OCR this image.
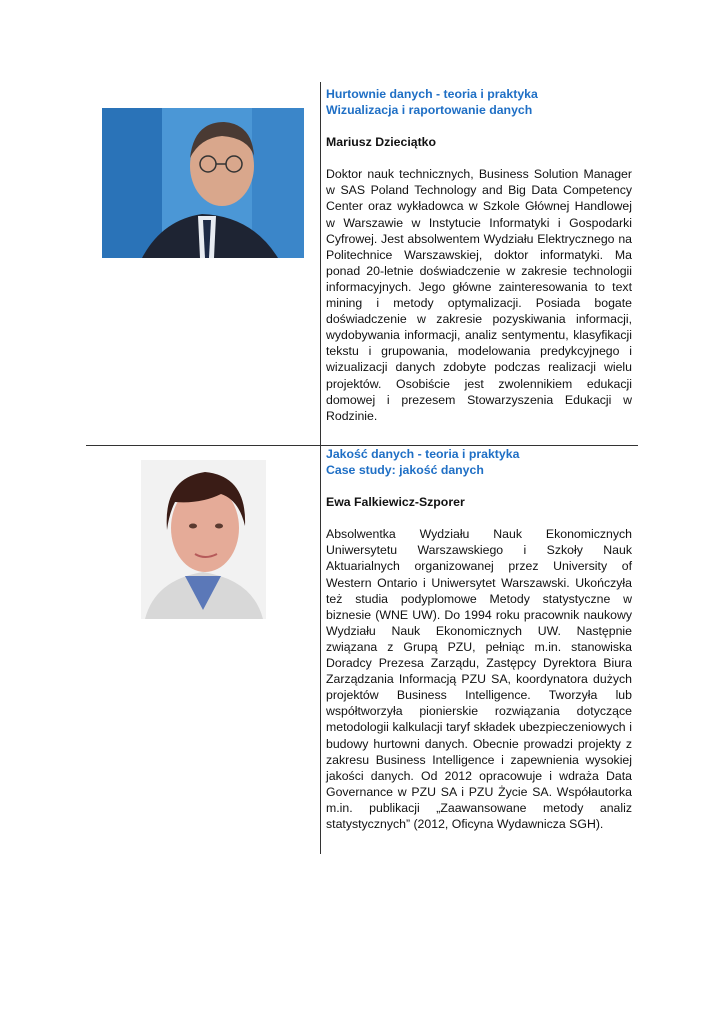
Hurtownie danych - teoria i praktyka
Wizualizacja i raportowanie danych
Mariusz Dzieciątko
Doktor nauk technicznych, Business Solution Manager w SAS Poland Technology and Big Data Competency Center oraz wykładowca w Szkole Głównej Handlowej w Warszawie w Instytucie Informatyki i Gospodarki Cyfrowej. Jest absolwentem Wydziału Elektrycznego na Politechnice Warszawskiej, doktor informatyki. Ma ponad 20-letnie doświadczenie w zakresie technologii informacyjnych. Jego główne zainteresowania to text mining i metody optymalizacji. Posiada bogate doświadczenie w zakresie pozyskiwania informacji, wydobywania informacji, analiz sentymentu, klasyfikacji tekstu i grupowania, modelowania predykcyjnego i wizualizacji danych zdobyte podczas realizacji wielu projektów. Osobiście jest zwolennikiem edukacji domowej i prezesem Stowarzyszenia Edukacji w Rodzinie.
Jakość danych - teoria i praktyka
Case study: jakość danych
Ewa Falkiewicz-Szporer
Absolwentka Wydziału Nauk Ekonomicznych Uniwersytetu Warszawskiego i Szkoły Nauk Aktuarialnych organizowanej przez University of Western Ontario i Uniwersytet Warszawski. Ukończyła też studia podyplomowe Metody statystyczne w biznesie (WNE UW). Do 1994 roku pracownik naukowy Wydziału Nauk Ekonomicznych UW. Następnie związana z Grupą PZU, pełniąc m.in. stanowiska Doradcy Prezesa Zarządu, Zastępcy Dyrektora Biura Zarządzania Informacją PZU SA, koordynatora dużych projektów Business Intelligence. Tworzyła lub współtworzyła pionierskie rozwiązania dotyczące metodologii kalkulacji taryf składek ubezpieczeniowych i budowy hurtowni danych. Obecnie prowadzi projekty z zakresu Business Intelligence i zapewnienia wysokiej jakości danych. Od 2012 opracowuje i wdraża Data Governance w PZU SA i PZU Życie SA. Współautorka m.in. publikacji „Zaawansowane metody analiz statystycznych” (2012, Oficyna Wydawnicza SGH).
